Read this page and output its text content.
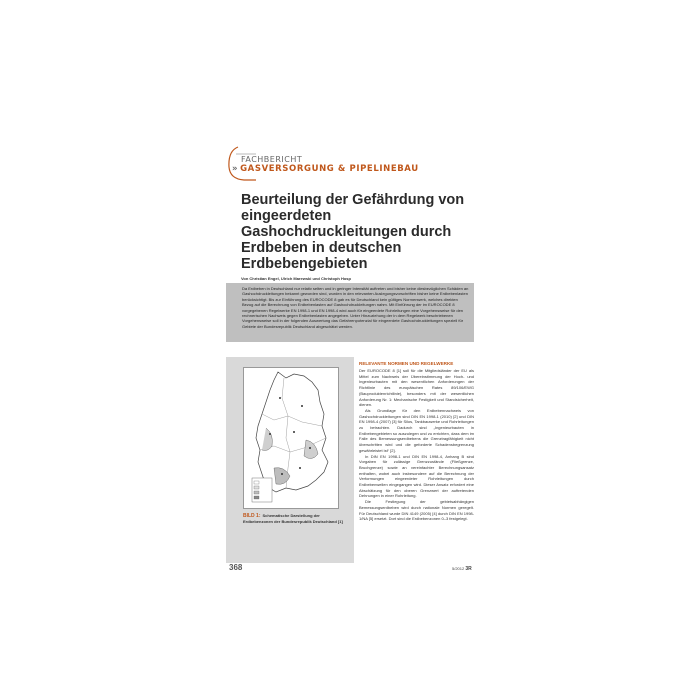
FACHBERICHT
» GASVERSORGUNG & PIPELINEBAU
Beurteilung der Gefährdung von eingeerdeten Gashochdruckleitungen durch Erdbeben in deutschen Erdbebengebieten
Von Christian Engel, Ulrich Marewski und Christoph Hosp

Da Erdbeben in Deutschland nur relativ selten und in geringer Intensität auftreten und bisher keine diesbezüglichen Schäden an Gashochdruckleitungen bekannt geworden sind, wurden in den relevanten Auslegungsvorschriften bisher keine Erdbebenlasten berücksichtigt. Bis zur Einführung des EUROCODE 8 gab es für Deutschland kein gültiges Normenwerk, welches direkten Bezug auf die Berechnung von Erdbebenlasten auf Gashochdruckleitungen nahm. Mit Einführung der im EUROCODE 8 vorgegebenen Regelwerke EN 1998-1 und EN 1998-4 wird auch für eingeerdete Rohrleitungen eine Vorgehensweise für den rechnerischen Nachweis gegen Erdbebenlasten angegeben. Unter Hinzuziehung der in dem Regelwerk beschriebenen Vorgehensweise soll in der folgenden Auswertung das Gefahrenpotenzial für eingeerdete Gashochdruckleitungen speziell für Gebiete der Bundesrepublik Deutschland abgeschätzt werden.

BILD 1: Schematische Darstellung der Erdbebenzonen der Bundesrepublik Deutschland [1]
368
RELEVANTE NORMEN UND REGELWERKE

Der EUROCODE 8 [1] soll für die Mitgliedsländer der EU als Mittel zum Nachweis der Übereinstimmung der Hoch- und Ingenieurbauten mit den wesentlichen Anforderungen der Richtlinie des europäischen Rates 89/106/EWG (Bauproduktenrichtlinie), besonders mit der wesentlichen Anforderung Nr. 1: Mechanische Festigkeit und Standsicherheit, dienen.

Als Grundlage für den Erdbebennachweis von Gashochdruckleitungen sind DIN EN 1998-1 (2010) [2] und DIN EN 1998-4 (2007) [3] für Silos, Tankbauwerke und Rohrleitungen zu betrachten. Dadurch sind „Ingenieurbauten in Erdbebengebieten so auszulegen und zu errichten, dass dem im Falle des Bemessungserdbebens die Grenztragfähigkeit nicht überschritten wird und die geforderte Schadensbegrenzung gewährleistet ist“ [2].

In DIN EN 1998-1 und DIN EN 1998-4, Anhang B sind Vorgaben für zulässige Grenzzustände (Fließgrenze, Bruchgrenze) sowie an vereinfachter Berechnungsansatz enthalten, wobei auch insbesondere auf die Berechnung der Verformungen eingeerdeter Rohrleitungen durch Erdbebenwellen eingegangen wird. Dieser Ansatz erfordert eine Abschätzung für den oberen Grenzwert der auftretenden Dehnungen in einer Rohrleitung.

Die Festlegung der gebietsabhängigen Bemessungserdbeben wird durch nationale Normen geregelt. Für Deutschland wurde DIN 4149 (2005) [4] durch DIN EN 1998-1/NA [5] ersetzt. Dort sind die Erdbebenzonen 0–3 festgelegt.

5/2012 3R
